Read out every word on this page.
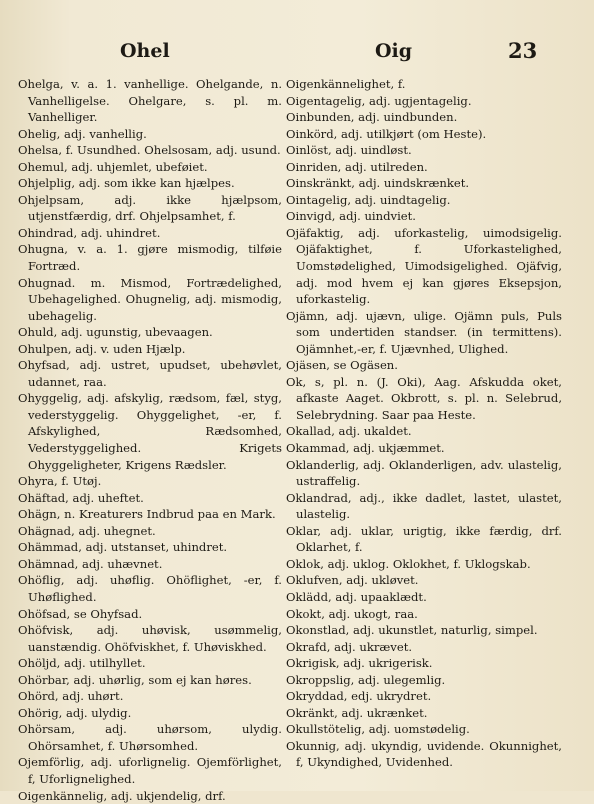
Ohel	Oig	23

Ohelga, v. a. 1. vanhellige. Ohelgande, n. Vanhelligelse. Ohelgare, s. pl. m. Vanhelliger.

Ohelig, adj. vanhellig.

Ohelsa, f. Usundhed. Ohelsosam, adj. usund.

Ohemul, adj. uhjemlet, ubeføiet.

Ohjelplig, adj. som ikke kan hjælpes.

Ohjelpsam, adj. ikke hjælpsom, utjenstfærdig, drf. Ohjelpsamhet, f.

Ohindrad, adj. uhindret.

Ohugna, v. a. 1. gjøre mismodig, tilføie Fortræd.

Ohugnad. m. Mismod, Fortrædelighed, Ubehagelighed. Ohugnelig, adj. mismodig, ubehagelig.

Ohuld, adj. ugunstig, ubevaagen.

Ohulpen, adj. v. uden Hjælp.

Ohyfsad, adj. ustret, upudset, ubehøvlet, udannet, raa.

Ohyggelig, adj. afskylig, rædsom, fæl, styg, vederstyggelig. Ohyggelighet, -er, f. Afskylighed, Rædsomhed, Vederstyggelighed. Krigets Ohyggeligheter, Krigens Rædsler.

Ohyra, f. Utøj.

Ohäftad, adj. uheftet.

Ohägn, n. Kreaturers Indbrud paa en Mark.

Ohägnad, adj. uhegnet.

Ohämmad, adj. utstanset, uhindret.

Ohämnad, adj. uhævnet.

Ohöflig, adj. uhøflig. Ohöflighet, -er, f. Uhøflighed.

Ohöfsad, se Ohyfsad.

Ohöfvisk, adj. uhøvisk, usømmelig, uanstændig. Ohöfviskhet, f. Uhøviskhed.

Ohöljd, adj. utilhyllet.

Ohörbar, adj. uhørlig, som ej kan høres.

Ohörd, adj. uhørt.

Ohörig, adj. ulydig.

Ohörsam, adj. uhørsom, ulydig. Ohörsamhet, f. Uhørsomhed.

Ojemförlig, adj. uforlignelig. Ojemförlighet, f, Uforlignelighed.

Oigenkännelig, adj. ukjendelig, drf.

Oigenkännelighet, f.

Oigentagelig, adj. ugjentagelig.

Oinbunden, adj. uindbunden.

Oinkörd, adj. utilkjørt (om Heste).

Oinlöst, adj. uindløst.

Oinriden, adj. utilreden.

Oinskränkt, adj. uindskrænket.

Ointagelig, adj. uindtagelig.

Oinvigd, adj. uindviet.

Ojäfaktig, adj. uforkastelig, uimodsigelig. Ojäfaktighet, f. Uforkastelighed, Uomstødelighed, Uimodsigelighed. Ojäfvig, adj. mod hvem ej kan gjøres Eksepsjon, uforkastelig.

Ojämn, adj. ujævn, ulige. Ojämn puls, Puls som undertiden standser. (in termittens). Ojämnhet,-er, f. Ujævnhed, Ulighed.

Ojäsen, se Ogäsen.

Ok, s, pl. n. (J. Oki), Aag. Afskudda oket, afkaste Aaget. Okbrott, s. pl. n. Selebrud, Selebrydning. Saar paa Heste.

Okallad, adj. ukaldet.

Okammad, adj. ukjæmmet.

Oklanderlig, adj. Oklanderligen, adv. ulastelig, ustraffelig.

Oklandrad, adj., ikke dadlet, lastet, ulastet, ulastelig.

Oklar, adj. uklar, urigtig, ikke færdig, drf. Oklarhet, f.

Oklok, adj. uklog. Oklokhet, f. Uklogskab.

Oklufven, adj. ukløvet.

Oklädd, adj. upaaklædt.

Okokt, adj. ukogt, raa.

Okonstlad, adj. ukunstlet, naturlig, simpel.

Okrafd, adj. ukrævet.

Okrigisk, adj. ukrigerisk.

Okroppslig, adj. ulegemlig.

Okryddad, edj. ukrydret.

Okränkt, adj. ukrænket.

Okullstötelig, adj. uomstødelig.

Okunnig, adj. ukyndig, uvidende. Okunnighet, f, Ukyndighed, Uvidenhed.
